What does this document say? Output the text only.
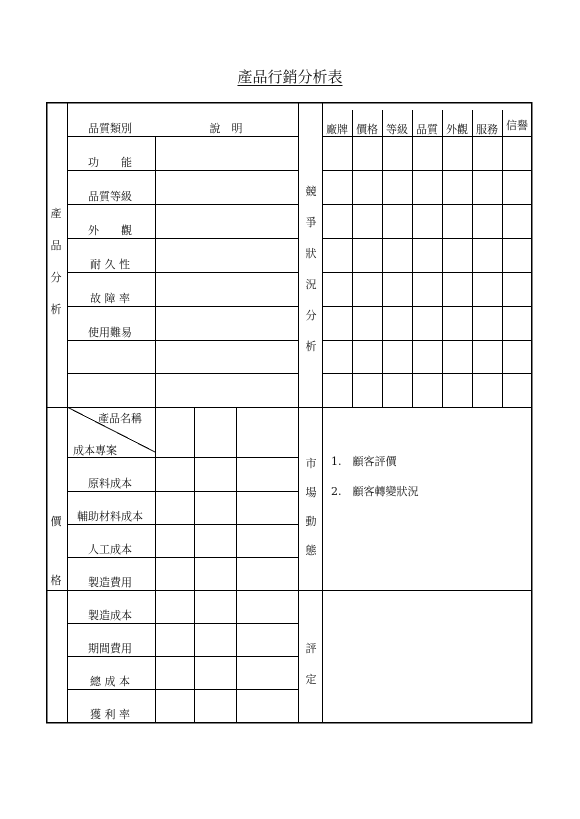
產品行銷分析表
產
品
分
析
品質類別	說　明
功　　能
品質等級
外　　觀
耐 久 性
故 障 率
使用難易
競
爭
狀
況
分
析
廠牌 價格 等級 品質 外觀 服務 信譽
價
格
產品名稱
成本專案
原料成本
輔助材料成本
人工成本
製造費用
製造成本
期間費用
總 成 本
獲 利 率
市
場
動
態
1.　顧客評價
2.　顧客轉變狀況
評
定
